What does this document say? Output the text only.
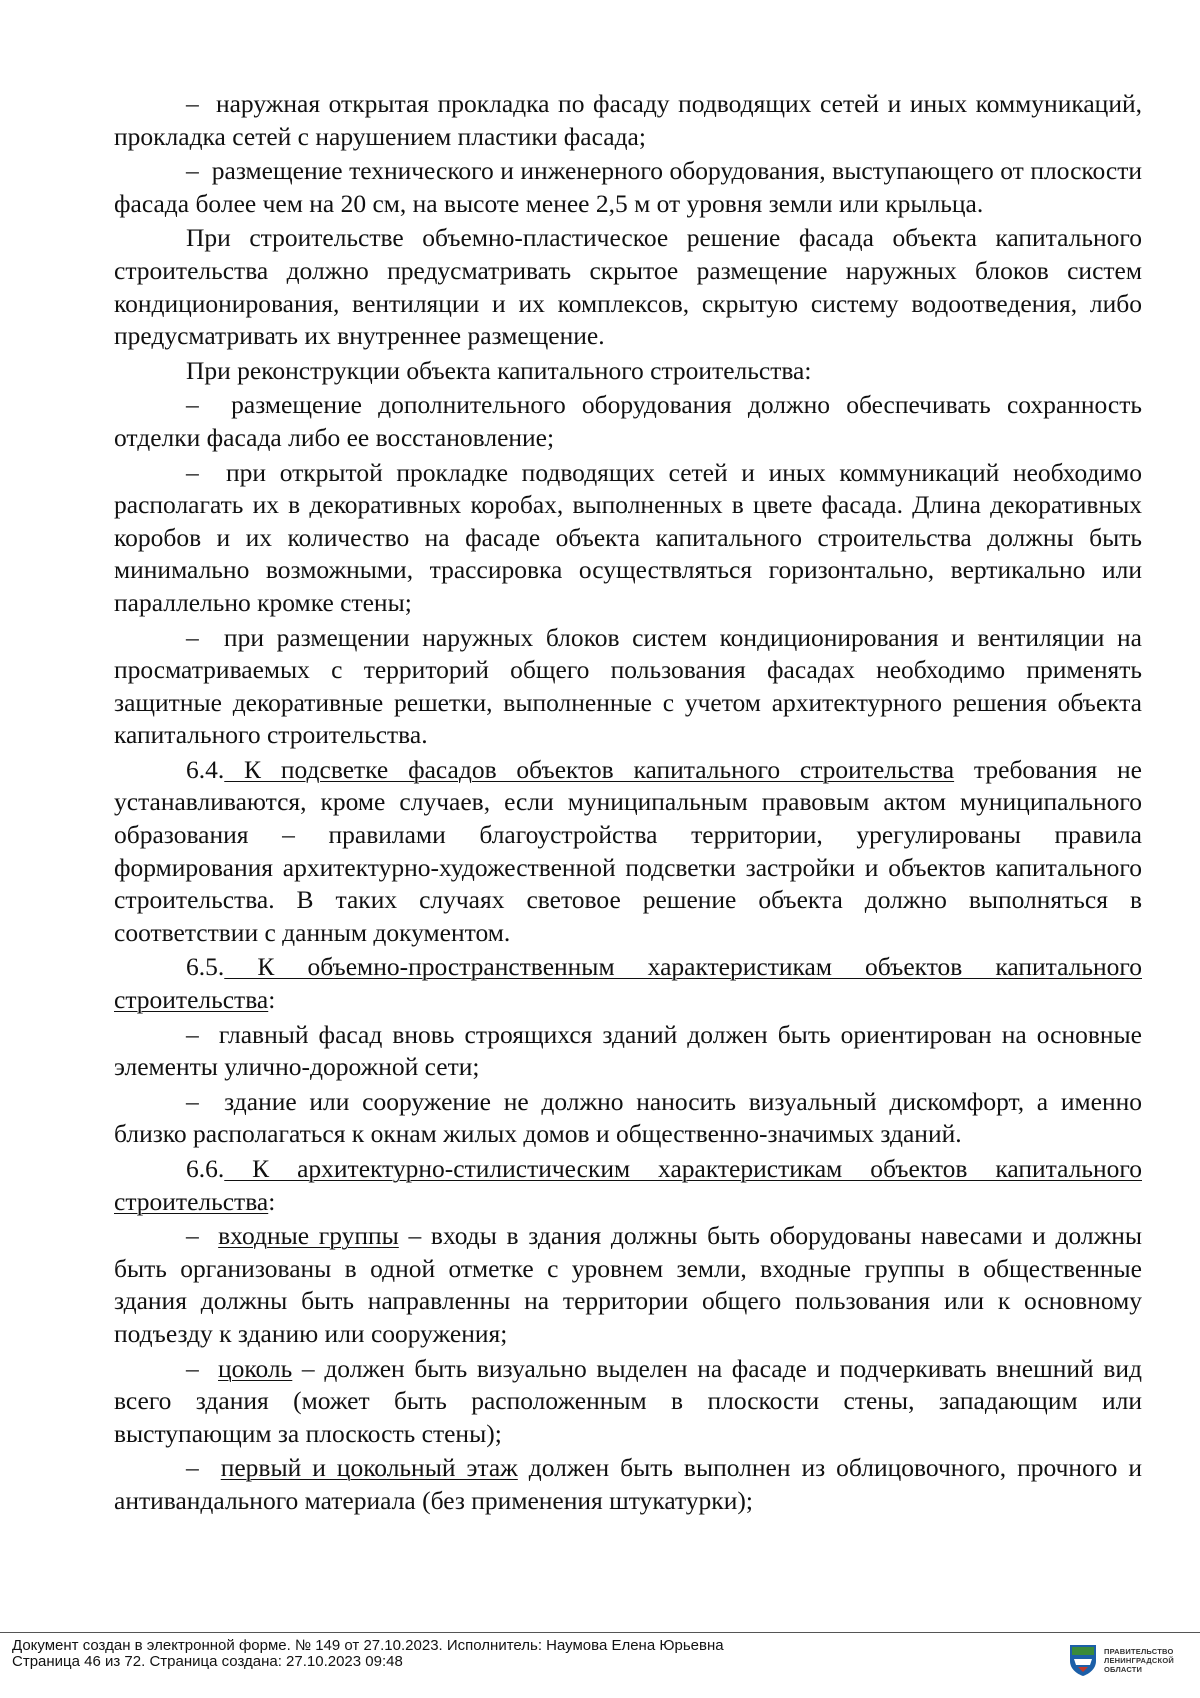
–  наружная открытая прокладка по фасаду подводящих сетей и иных коммуникаций, прокладка сетей с нарушением пластики фасада;

–  размещение технического и инженерного оборудования, выступающего от плоскости фасада более чем на 20 см, на высоте менее 2,5 м от уровня земли или крыльца.

При строительстве объемно-пластическое решение фасада объекта капитального строительства должно предусматривать скрытое размещение наружных блоков систем кондиционирования, вентиляции и их комплексов, скрытую систему водоотведения, либо предусматривать их внутреннее размещение.

При реконструкции объекта капитального строительства:

–  размещение дополнительного оборудования должно обеспечивать сохранность отделки фасада либо ее восстановление;

–  при открытой прокладке подводящих сетей и иных коммуникаций необходимо располагать их в декоративных коробах, выполненных в цвете фасада. Длина декоративных коробов и их количество на фасаде объекта капитального строительства должны быть минимально возможными, трассировка осуществляться горизонтально, вертикально или параллельно кромке стены;

–  при размещении наружных блоков систем кондиционирования и вентиляции на просматриваемых с территорий общего пользования фасадах необходимо применять защитные декоративные решетки, выполненные с учетом архитектурного решения объекта капитального строительства.

6.4. К подсветке фасадов объектов капитального строительства требования не устанавливаются, кроме случаев, если муниципальным правовым актом муниципального образования – правилами благоустройства территории, урегулированы правила формирования архитектурно-художественной подсветки застройки и объектов капитального строительства. В таких случаях световое решение объекта должно выполняться в соответствии с данным документом.

6.5. К объемно-пространственным характеристикам объектов капитального строительства:

–  главный фасад вновь строящихся зданий должен быть ориентирован на основные элементы улично-дорожной сети;

–  здание или сооружение не должно наносить визуальный дискомфорт, а именно близко располагаться к окнам жилых домов и общественно-значимых зданий.

6.6. К архитектурно-стилистическим характеристикам объектов капитального строительства:

–  входные группы – входы в здания должны быть оборудованы навесами и должны быть организованы в одной отметке с уровнем земли, входные группы в общественные здания должны быть направленны на территории общего пользования или к основному подъезду к зданию или сооружения;

–  цоколь – должен быть визуально выделен на фасаде и подчеркивать внешний вид всего здания (может быть расположенным в плоскости стены, западающим или выступающим за плоскость стены);

–  первый и цокольный этаж должен быть выполнен из облицовочного, прочного и антивандального материала (без применения штукатурки);

Документ создан в электронной форме. № 149 от 27.10.2023. Исполнитель: Наумова Елена Юрьевна
Страница 46 из 72. Страница создана: 27.10.2023 09:48
ПРАВИТЕЛЬСТВО
ЛЕНИНГРАДСКОЙ
ОБЛАСТИ
